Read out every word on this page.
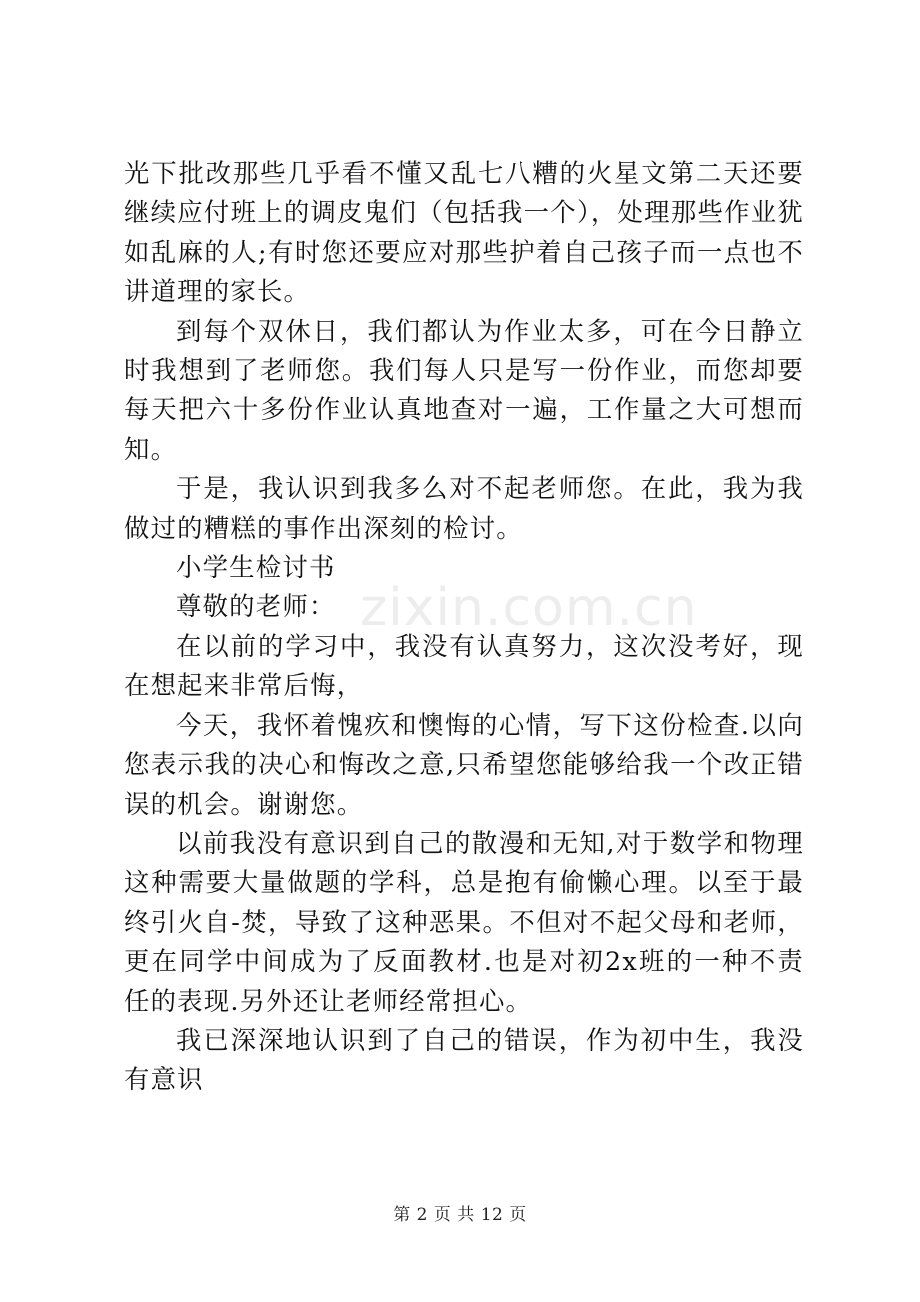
光下批改那些几乎看不懂又乱七八糟的火星文第二天还要继续应付班上的调皮鬼们（包括我一个），处理那些作业犹如乱麻的人;有时您还要应对那些护着自己孩子而一点也不讲道理的家长。

到每个双休日，我们都认为作业太多，可在今日静立时我想到了老师您。我们每人只是写一份作业，而您却要每天把六十多份作业认真地查对一遍，工作量之大可想而知。

于是，我认识到我多么对不起老师您。在此，我为我做过的糟糕的事作出深刻的检讨。

小学生检讨书

尊敬的老师：

在以前的学习中，我没有认真努力，这次没考好，现在想起来非常后悔，

今天，我怀着愧疚和懊悔的心情，写下这份检查.以向您表示我的决心和悔改之意,只希望您能够给我一个改正错误的机会。谢谢您。

以前我没有意识到自己的散漫和无知,对于数学和物理这种需要大量做题的学科，总是抱有偷懒心理。以至于最终引火自-焚，导致了这种恶果。不但对不起父母和老师，更在同学中间成为了反面教材.也是对初2x班的一种不责任的表现.另外还让老师经常担心。

我已深深地认识到了自己的错误，作为初中生，我没有意识

zixin.com.cn
第 2 页 共 12 页
